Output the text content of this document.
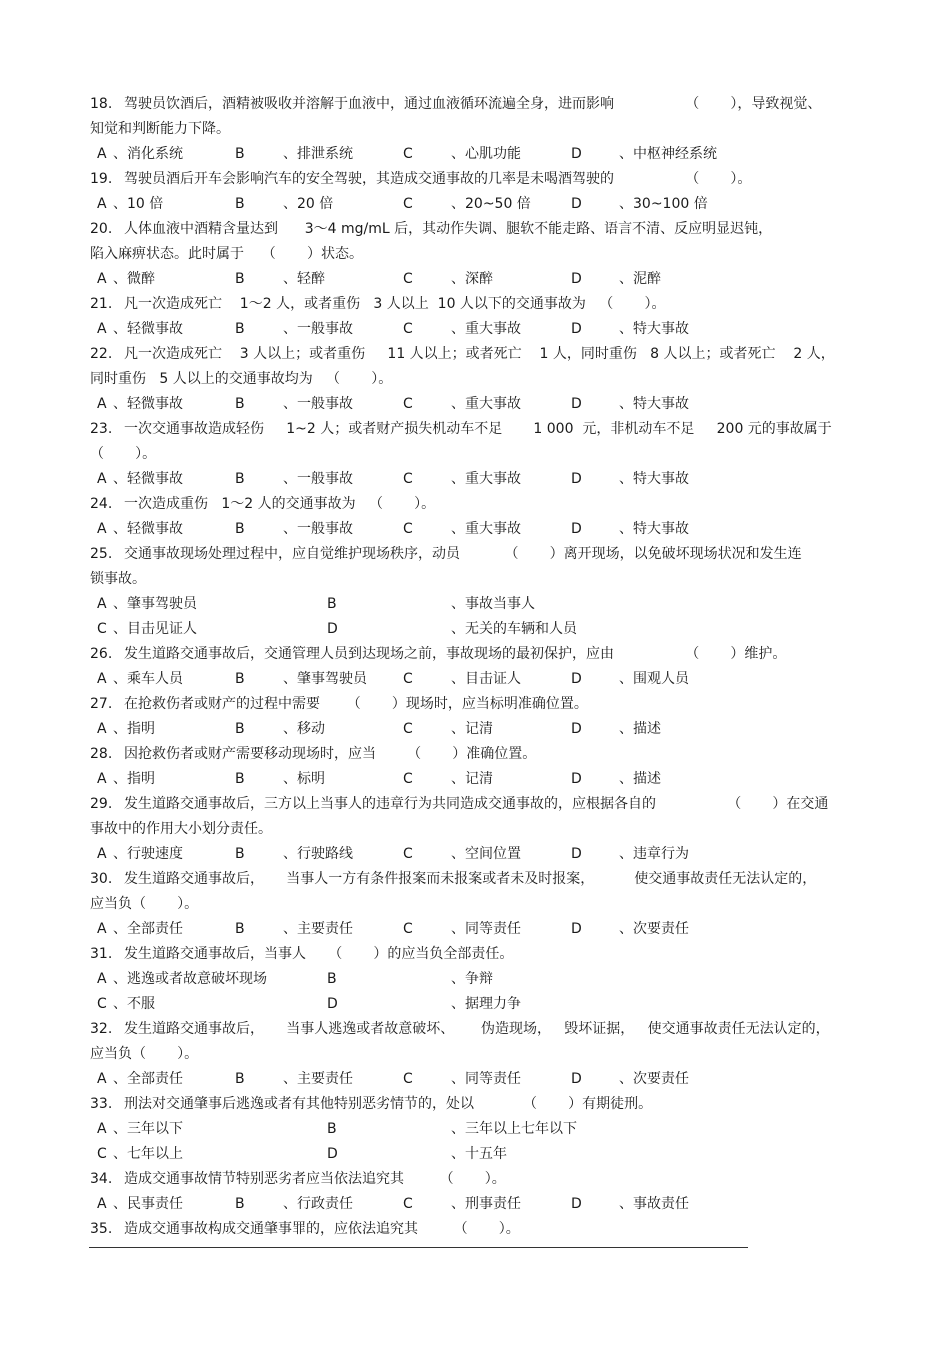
18. 驾驶员饮酒后，酒精被吸收并溶解于血液中，通过血液循环流遍全身，进而影响                （       ），导致视觉、
知觉和判断能力下降。
A 、消化系统	B	、排泄系统	C	、心肌功能	D	、中枢神经系统
19. 驾驶员酒后开车会影响汽车的安全驾驶，其造成交通事故的几率是未喝酒驾驶的                （       ）。
A 、10 倍	B	、20 倍	C	、20~50 倍	D	、30~100 倍
20. 人体血液中酒精含量达到      3～4 mg/mL 后，其动作失调、腿软不能走路、语言不清、反应明显迟钝，
陷入麻痹状态。此时属于    （       ）状态。
A 、微醉	B	、轻醉	C	、深醉	D	、泥醉
21. 凡一次造成死亡    1～2 人，或者重伤   3 人以上  10 人以下的交通事故为   （       ）。
A 、轻微事故	B	、一般事故	C	、重大事故	D	、特大事故
22. 凡一次造成死亡    3 人以上；或者重伤     11 人以上；或者死亡    1 人，同时重伤   8 人以上；或者死亡    2 人，
同时重伤   5 人以上的交通事故均为   （       ）。
A 、轻微事故	B	、一般事故	C	、重大事故	D	、特大事故
23. 一次交通事故造成轻伤     1~2 人；或者财产损失机动车不足       1 000  元，非机动车不足     200 元的事故属于
（       ）。
A 、轻微事故	B	、一般事故	C	、重大事故	D	、特大事故
24. 一次造成重伤   1～2 人的交通事故为   （       ）。
A 、轻微事故	B	、一般事故	C	、重大事故	D	、特大事故
25. 交通事故现场处理过程中，应自觉维护现场秩序，动员          （       ）离开现场，以免破坏现场状况和发生连
锁事故。
A 、肇事驾驶员	B	、事故当事人
C 、目击见证人	D	、无关的车辆和人员
26. 发生道路交通事故后，交通管理人员到达现场之前，事故现场的最初保护，应由                （       ）维护。
A 、乘车人员	B	、肇事驾驶员	C	、目击证人	D	、围观人员
27. 在抢救伤者或财产的过程中需要      （       ）现场时，应当标明准确位置。
A 、指明	B	、移动	C	、记清	D	、描述
28. 因抢救伤者或财产需要移动现场时，应当       （       ）准确位置。
A 、指明	B	、标明	C	、记清	D	、描述
29. 发生道路交通事故后，三方以上当事人的违章行为共同造成交通事故的，应根据各自的                （       ）在交通
事故中的作用大小划分责任。
A 、行驶速度	B	、行驶路线	C	、空间位置	D	、违章行为
30. 发生道路交通事故后，     当事人一方有条件报案而未报案或者未及时报案，         使交通事故责任无法认定的，
应当负（       ）。
A 、全部责任	B	、主要责任	C	、同等责任	D	、次要责任
31. 发生道路交通事故后，当事人     （       ）的应当负全部责任。
A 、逃逸或者故意破坏现场	B	、争辩
C 、不服	D	、据理力争
32. 发生道路交通事故后，     当事人逃逸或者故意破坏、      伪造现场，   毁坏证据，   使交通事故责任无法认定的，
应当负（       ）。
A 、全部责任	B	、主要责任	C	、同等责任	D	、次要责任
33. 刑法对交通肇事后逃逸或者有其他特别恶劣情节的，处以           （       ）有期徒刑。
A 、三年以下	B	、三年以上七年以下
C 、七年以上	D	、十五年
34. 造成交通事故情节特别恶劣者应当依法追究其        （       ）。
A 、民事责任	B	、行政责任	C	、刑事责任	D	、事故责任
35. 造成交通事故构成交通肇事罪的，应依法追究其        （       ）。
